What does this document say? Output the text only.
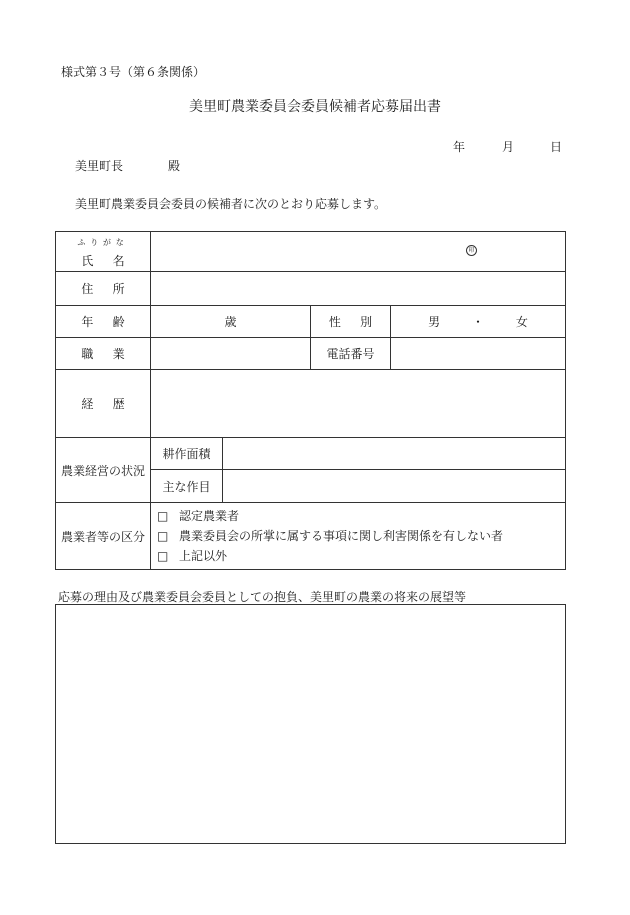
様式第３号（第６条関係）
美里町農業委員会委員候補者応募届出書
年	月	日
美里町長	殿
美里町農業委員会委員の候補者に次のとおり応募します。
ふりがな
氏名	印			

住所				
年齢	歳		性別	男 ・ 女
職業			電話番号	
経歴				
農業経営の状況	耕作面積			
	主な作目			
農業者等の区分	□ 認定農業者
□ 農業委員会の所掌に属する事項に関し利害関係を有しない者
□ 上記以外			
応募の理由及び農業委員会委員としての抱負、美里町の農業の将来の展望等
